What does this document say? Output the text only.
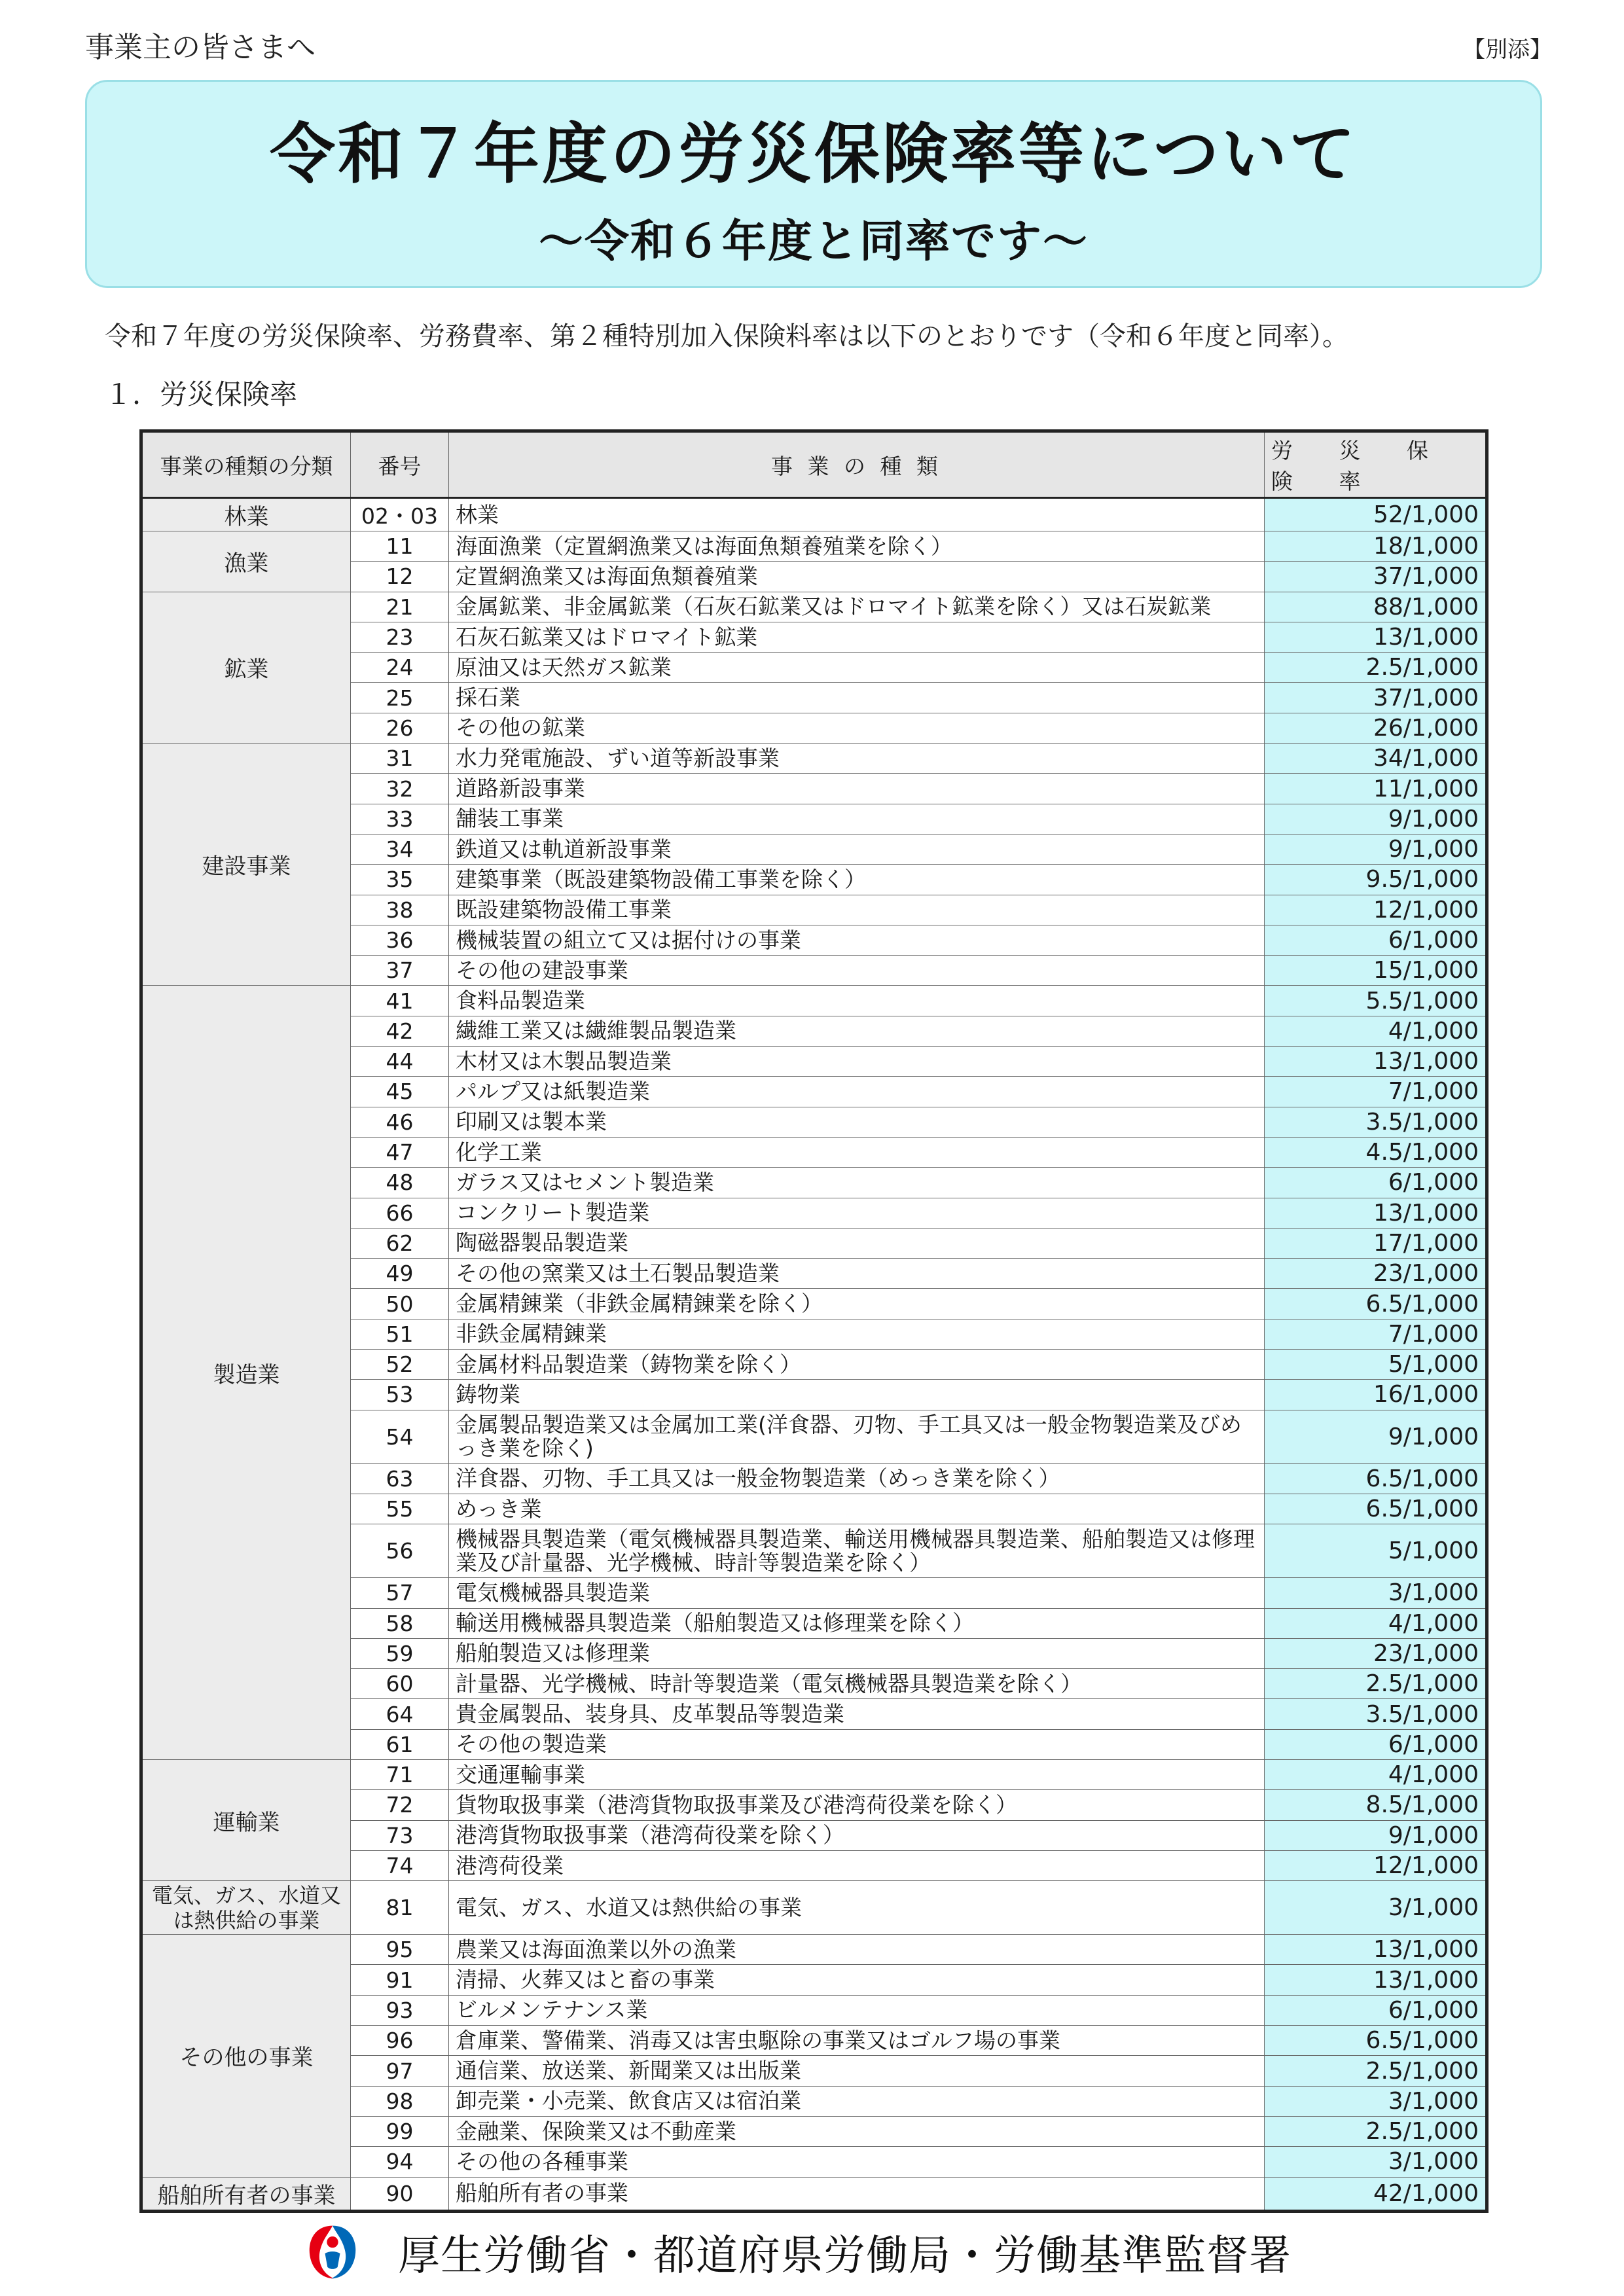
事業主の皆さまへ	【別添】
令和７年度の労災保険率等について
～令和６年度と同率です～
令和７年度の労災保険率、労務費率、第２種特別加入保険料率は以下のとおりです（令和６年度と同率）。
１．労災保険率
事業の種類の分類	番号	事 業 の 種 類	労 災 保 険 率
林業	02・03	林業	52/1,000
漁業	11	海面漁業（定置網漁業又は海面魚類養殖業を除く）	18/1,000
	12	定置網漁業又は海面魚類養殖業	37/1,000
鉱業	21	金属鉱業、非金属鉱業（石灰石鉱業又はドロマイト鉱業を除く）又は石炭鉱業	88/1,000
	23	石灰石鉱業又はドロマイト鉱業	13/1,000
	24	原油又は天然ガス鉱業	2.5/1,000
	25	採石業	37/1,000
	26	その他の鉱業	26/1,000
建設事業	31	水力発電施設、ずい道等新設事業	34/1,000
	32	道路新設事業	11/1,000
	33	舗装工事業	9/1,000
	34	鉄道又は軌道新設事業	9/1,000
	35	建築事業（既設建築物設備工事業を除く）	9.5/1,000
	38	既設建築物設備工事業	12/1,000
	36	機械装置の組立て又は据付けの事業	6/1,000
	37	その他の建設事業	15/1,000
製造業	41	食料品製造業	5.5/1,000
	42	繊維工業又は繊維製品製造業	4/1,000
	44	木材又は木製品製造業	13/1,000
	45	パルプ又は紙製造業	7/1,000
	46	印刷又は製本業	3.5/1,000
	47	化学工業	4.5/1,000
	48	ガラス又はセメント製造業	6/1,000
	66	コンクリート製造業	13/1,000
	62	陶磁器製品製造業	17/1,000
	49	その他の窯業又は土石製品製造業	23/1,000
	50	金属精錬業（非鉄金属精錬業を除く）	6.5/1,000
	51	非鉄金属精錬業	7/1,000
	52	金属材料品製造業（鋳物業を除く）	5/1,000
	53	鋳物業	16/1,000
	54	金属製品製造業又は金属加工業(洋食器、刃物、手工具又は一般金物製造業及びめっき業を除く)	9/1,000
	63	洋食器、刃物、手工具又は一般金物製造業（めっき業を除く）	6.5/1,000
	55	めっき業	6.5/1,000
	56	機械器具製造業（電気機械器具製造業、輸送用機械器具製造業、船舶製造又は修理業及び計量器、光学機械、時計等製造業を除く）	5/1,000
	57	電気機械器具製造業	3/1,000
	58	輸送用機械器具製造業（船舶製造又は修理業を除く）	4/1,000
	59	船舶製造又は修理業	23/1,000
	60	計量器、光学機械、時計等製造業（電気機械器具製造業を除く）	2.5/1,000
	64	貴金属製品、装身具、皮革製品等製造業	3.5/1,000
	61	その他の製造業	6/1,000
運輸業	71	交通運輸事業	4/1,000
	72	貨物取扱事業（港湾貨物取扱事業及び港湾荷役業を除く）	8.5/1,000
	73	港湾貨物取扱事業（港湾荷役業を除く）	9/1,000
	74	港湾荷役業	12/1,000
電気、ガス、水道又は熱供給の事業	81	電気、ガス、水道又は熱供給の事業	3/1,000
その他の事業	95	農業又は海面漁業以外の漁業	13/1,000
	91	清掃、火葬又はと畜の事業	13/1,000
	93	ビルメンテナンス業	6/1,000
	96	倉庫業、警備業、消毒又は害虫駆除の事業又はゴルフ場の事業	6.5/1,000
	97	通信業、放送業、新聞業又は出版業	2.5/1,000
	98	卸売業・小売業、飲食店又は宿泊業	3/1,000
	99	金融業、保険業又は不動産業	2.5/1,000
	94	その他の各種事業	3/1,000
船舶所有者の事業	90	船舶所有者の事業	42/1,000
厚生労働省・都道府県労働局・労働基準監督署
